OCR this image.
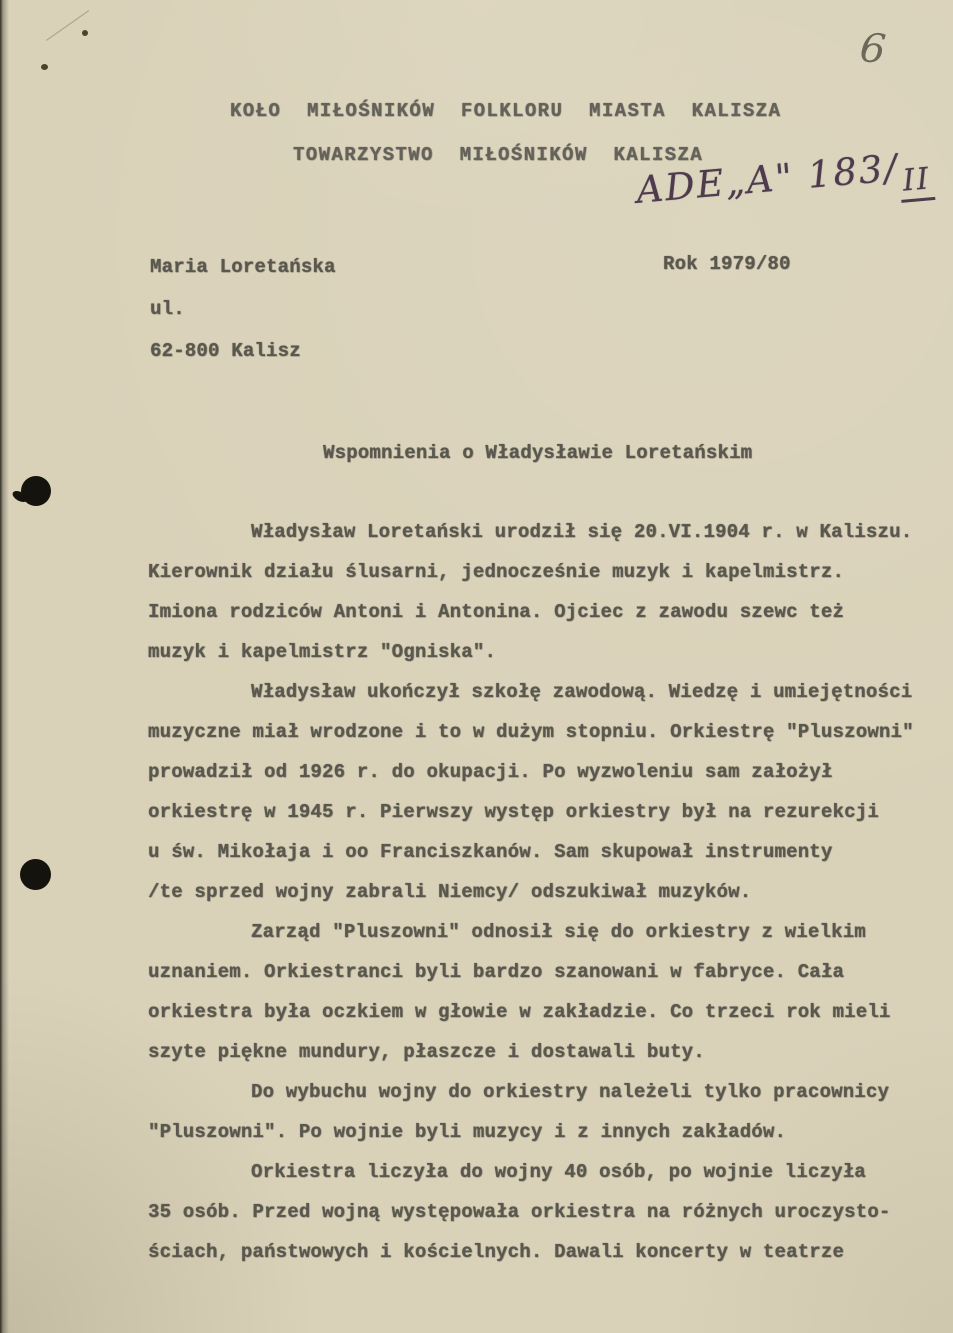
6
KOŁO MIŁOŚNIKÓW FOLKLORU MIASTA KALISZA
TOWARZYSTWO MIŁOŚNIKÓW KALISZA
ADE„A" 183/II
Maria Loretańska	Rok 1979/80
ul.
62-800 Kalisz
Wspomnienia o Władysławie Loretańskim
Władysław Loretański urodził się 20.VI.1904 r. w Kaliszu.
Kierownik działu ślusarni, jednocześnie muzyk i kapelmistrz.
Imiona rodziców Antoni i Antonina. Ojciec z zawodu szewc też
muzyk i kapelmistrz "Ogniska".
Władysław ukończył szkołę zawodową. Wiedzę i umiejętności
muzyczne miał wrodzone i to w dużym stopniu. Orkiestrę "Pluszowni"
prowadził od 1926 r. do okupacji. Po wyzwoleniu sam założył
orkiestrę w 1945 r. Pierwszy występ orkiestry był na rezurekcji
u św. Mikołaja i oo Franciszkanów. Sam skupował instrumenty
/te sprzed wojny zabrali Niemcy/ odszukiwał muzyków.
Zarząd "Pluszowni" odnosił się do orkiestry z wielkim
uznaniem. Orkiestranci byli bardzo szanowani w fabryce. Cała
orkiestra była oczkiem w głowie w zakładzie. Co trzeci rok mieli
szyte piękne mundury, płaszcze i dostawali buty.
Do wybuchu wojny do orkiestry należeli tylko pracownicy
"Pluszowni". Po wojnie byli muzycy i z innych zakładów.
Orkiestra liczyła do wojny 40 osób, po wojnie liczyła
35 osób. Przed wojną występowała orkiestra na różnych uroczysto-
ściach, państwowych i kościelnych. Dawali koncerty w teatrze
